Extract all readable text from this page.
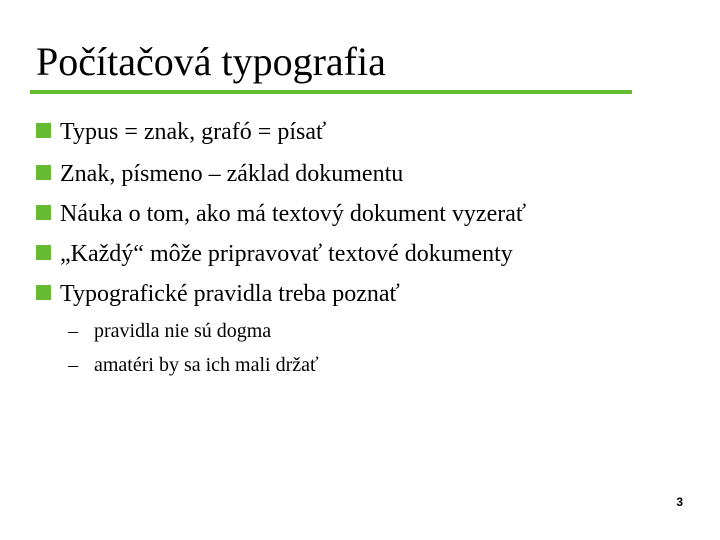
Počítačová typografia
Typus = znak, grafó = písať
Znak, písmeno – základ dokumentu
Náuka o tom, ako má textový dokument vyzerať
„Každý“ môže pripravovať textové dokumenty
Typografické pravidla treba poznať
– pravidla nie sú dogma
– amatéri by sa ich mali držať
3
